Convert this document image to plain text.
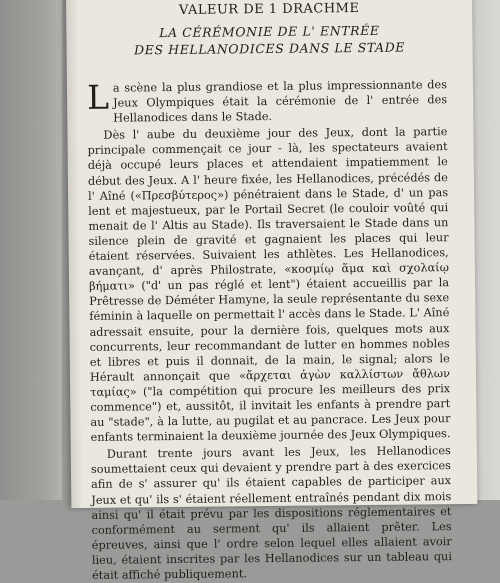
VALEUR DE 1 DRACHME
LA CÉRÉMONIE DE L' ENTRÉE
DES HELLANODICES DANS LE STADE

La scène la plus grandiose et la plus impressionnante des Jeux Olympiques était la cérémonie de l' entrée des Hellanodices dans le Stade.

Dès l' aube du deuxième jour des Jeux, dont la partie principale commençait ce jour - là, les spectateurs avaient déjà occupé leurs places et attendaient impatiemment le début des Jeux. A l' heure fixée, les Hellanodices, précédés de l' Aîné («Πρεσβύτερος») pénétraient dans le Stade, d' un pas lent et majestueux, par le Portail Secret (le couloir voûté qui menait de l' Altis au Stade). Ils traversaient le Stade dans un silence plein de gravité et gagnaient les places qui leur étaient réservées. Suivaient les athlètes. Les Hellanodices, avançant, d' après Philostrate, «κοσμίῳ ἅμα καὶ σχολαίῳ βήματι» ("d' un pas réglé et lent") étaient accueillis par la Prêtresse de Déméter Hamyne, la seule représentante du sexe féminin à laquelle on permettait l' accès dans le Stade. L' Aîné adressait ensuite, pour la dernière fois, quelques mots aux concurrents, leur recommandant de lutter en hommes nobles et libres et puis il donnait, de la main, le signal; alors le Hérault annonçait que «ἄρχεται ἀγὼν καλλίστων ἄθλων ταμίας» ("la compétition qui procure les meilleurs des prix commence") et, aussitôt, il invitait les enfants à prendre part au "stade", à la lutte, au pugilat et au pancrace. Les Jeux pour enfants terminaient la deuxième journée des Jeux Olympiques.

Durant trente jours avant les Jeux, les Hellanodices soumettaient ceux qui devaient y prendre part à des exercices afin de s' assurer qu' ils étaient capables de participer aux Jeux et qu' ils s' étaient réellement entraînés pendant dix mois ainsi qu' il était prévu par les dispositions réglementaires et conformément au serment qu' ils allaient prêter. Les épreuves, ainsi que l' ordre selon lequel elles allaient avoir lieu, étaient inscrites par les Hellanodices sur un tableau qui était affiché publiquement.
